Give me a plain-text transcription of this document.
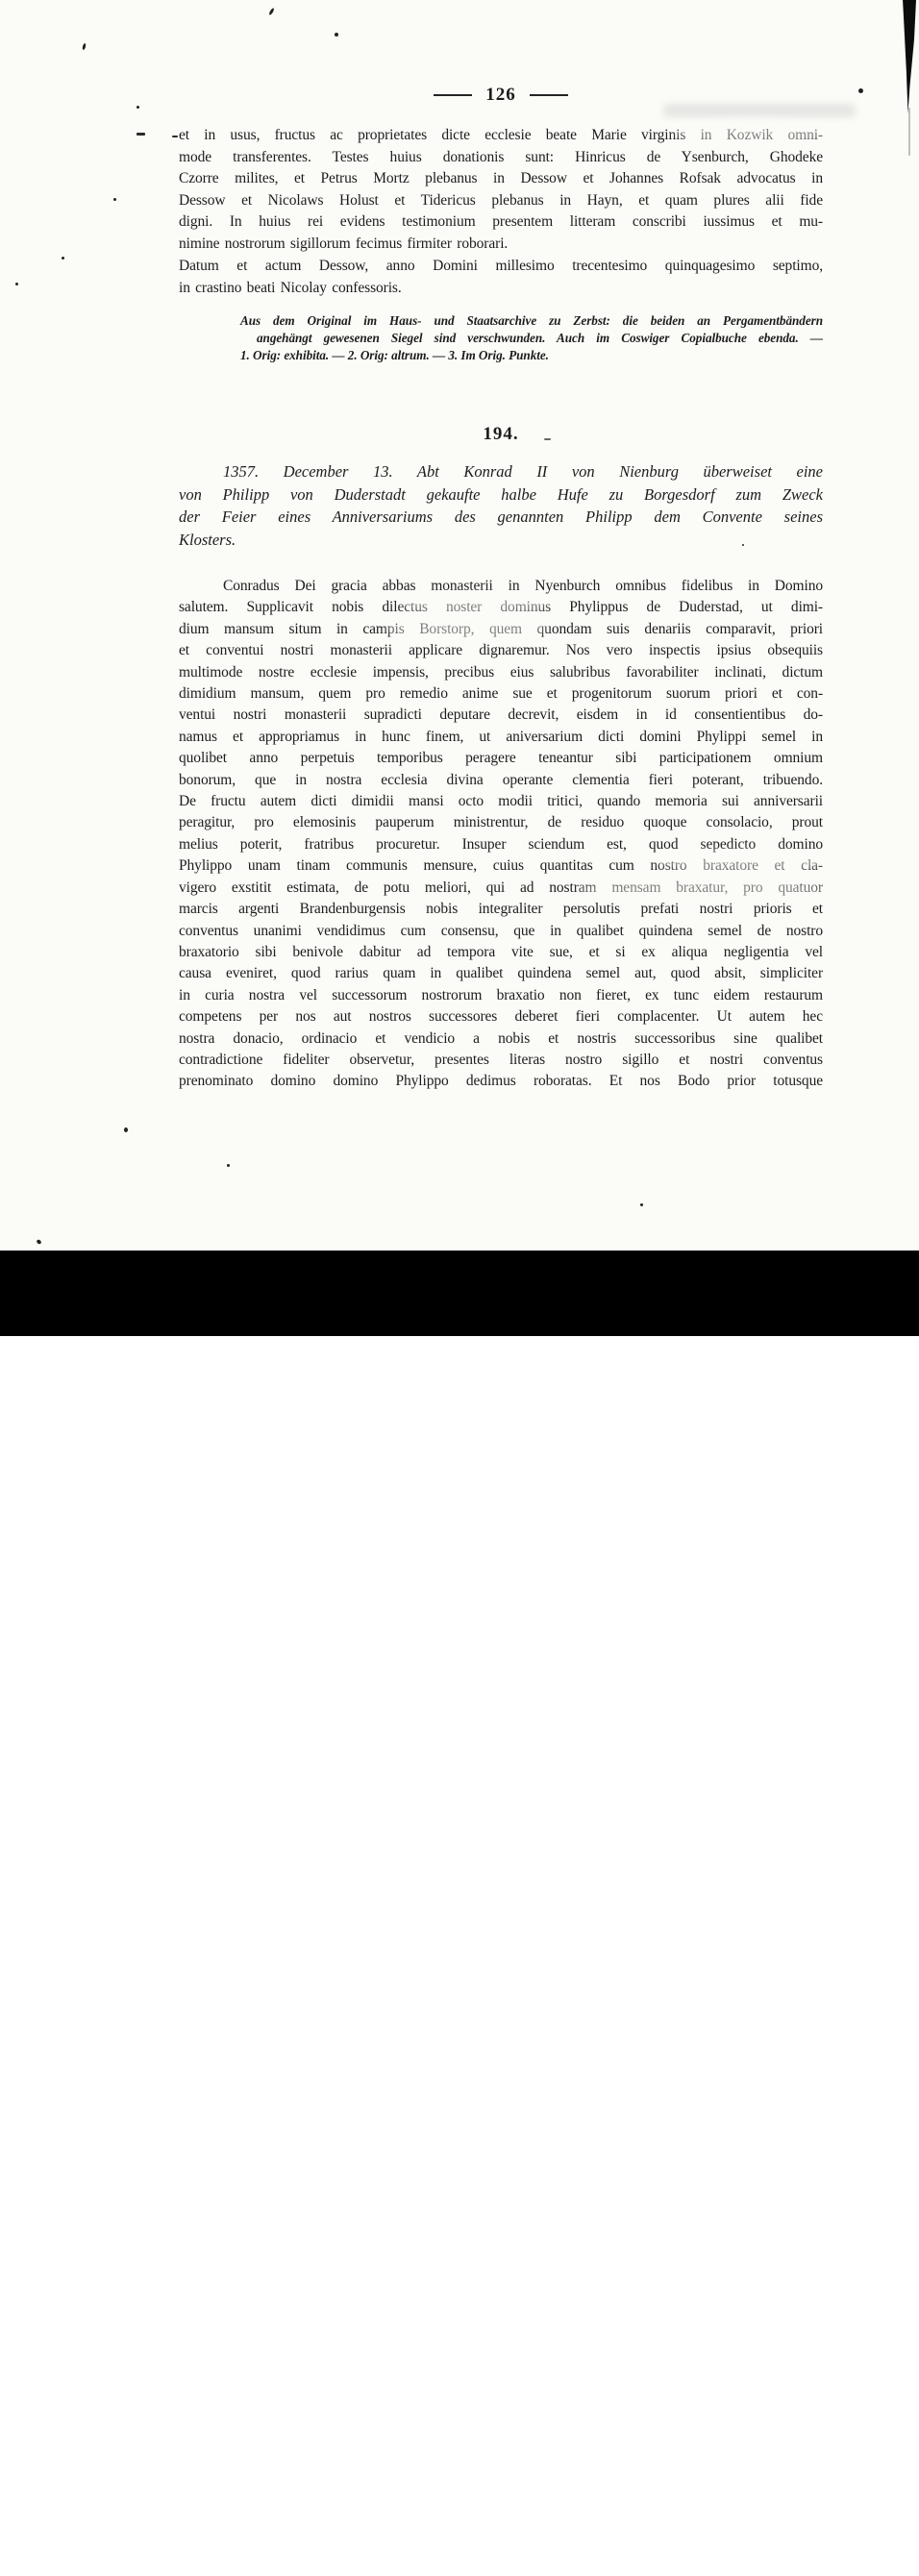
126
et in usus, fructus ac proprietates dicte ecclesie beate Marie virginis in Kozwik omni-
mode transferentes. Testes huius donationis sunt: Hinricus de Ysenburch, Ghodeke
Czorre milites, et Petrus Mortz plebanus in Dessow et Johannes Rofsak advocatus in
Dessow et Nicolaws Holust et Tidericus plebanus in Hayn, et quam plures alii fide
digni. In huius rei evidens testimonium presentem litteram conscribi iussimus et mu-
nimine nostrorum sigillorum fecimus firmiter roborari.
Datum et actum Dessow, anno Domini millesimo trecentesimo quinquagesimo septimo,
in crastino beati Nicolay confessoris.
Aus dem Original im Haus- und Staatsarchive zu Zerbst: die beiden an Pergamentbändern
angehängt gewesenen Siegel sind verschwunden. Auch im Coswiger Copialbuche ebenda. —
1. Orig: exhibita. — 2. Orig: altrum. — 3. Im Orig. Punkte.
194.
1357. December 13. Abt Konrad II von Nienburg überweiset eine
von Philipp von Duderstadt gekaufte halbe Hufe zu Borgesdorf zum Zweck
der Feier eines Anniversariums des genannten Philipp dem Convente seines
Klosters.
Conradus Dei gracia abbas monasterii in Nyenburch omnibus fidelibus in Domino
salutem. Supplicavit nobis dilectus noster dominus Phylippus de Duderstad, ut dimi-
dium mansum situm in campis Borstorp, quem quondam suis denariis comparavit, priori
et conventui nostri monasterii applicare dignaremur. Nos vero inspectis ipsius obsequiis
multimode nostre ecclesie impensis, precibus eius salubribus favorabiliter inclinati, dictum
dimidium mansum, quem pro remedio anime sue et progenitorum suorum priori et con-
ventui nostri monasterii supradicti deputare decrevit, eisdem in id consentientibus do-
namus et appropriamus in hunc finem, ut aniversarium dicti domini Phylippi semel in
quolibet anno perpetuis temporibus peragere teneantur sibi participationem omnium
bonorum, que in nostra ecclesia divina operante clementia fieri poterant, tribuendo.
De fructu autem dicti dimidii mansi octo modii tritici, quando memoria sui anniversarii
peragitur, pro elemosinis pauperum ministrentur, de residuo quoque consolacio, prout
melius poterit, fratribus procuretur. Insuper sciendum est, quod sepedicto domino
Phylippo unam tinam communis mensure, cuius quantitas cum nostro braxatore et cla-
vigero exstitit estimata, de potu meliori, qui ad nostram mensam braxatur, pro quatuor
marcis argenti Brandenburgensis nobis integraliter persolutis prefati nostri prioris et
conventus unanimi vendidimus cum consensu, que in qualibet quindena semel de nostro
braxatorio sibi benivole dabitur ad tempora vite sue, et si ex aliqua negligentia vel
causa eveniret, quod rarius quam in qualibet quindena semel aut, quod absit, simpliciter
in curia nostra vel successorum nostrorum braxatio non fieret, ex tunc eidem restaurum
competens per nos aut nostros successores deberet fieri complacenter. Ut autem hec
nostra donacio, ordinacio et vendicio a nobis et nostris successoribus sine qualibet
contradictione fideliter observetur, presentes literas nostro sigillo et nostri conventus
prenominato domino domino Phylippo dedimus roboratas. Et nos Bodo prior totusque
alamy	Image ID: JW1KTD
www.alamy.com
